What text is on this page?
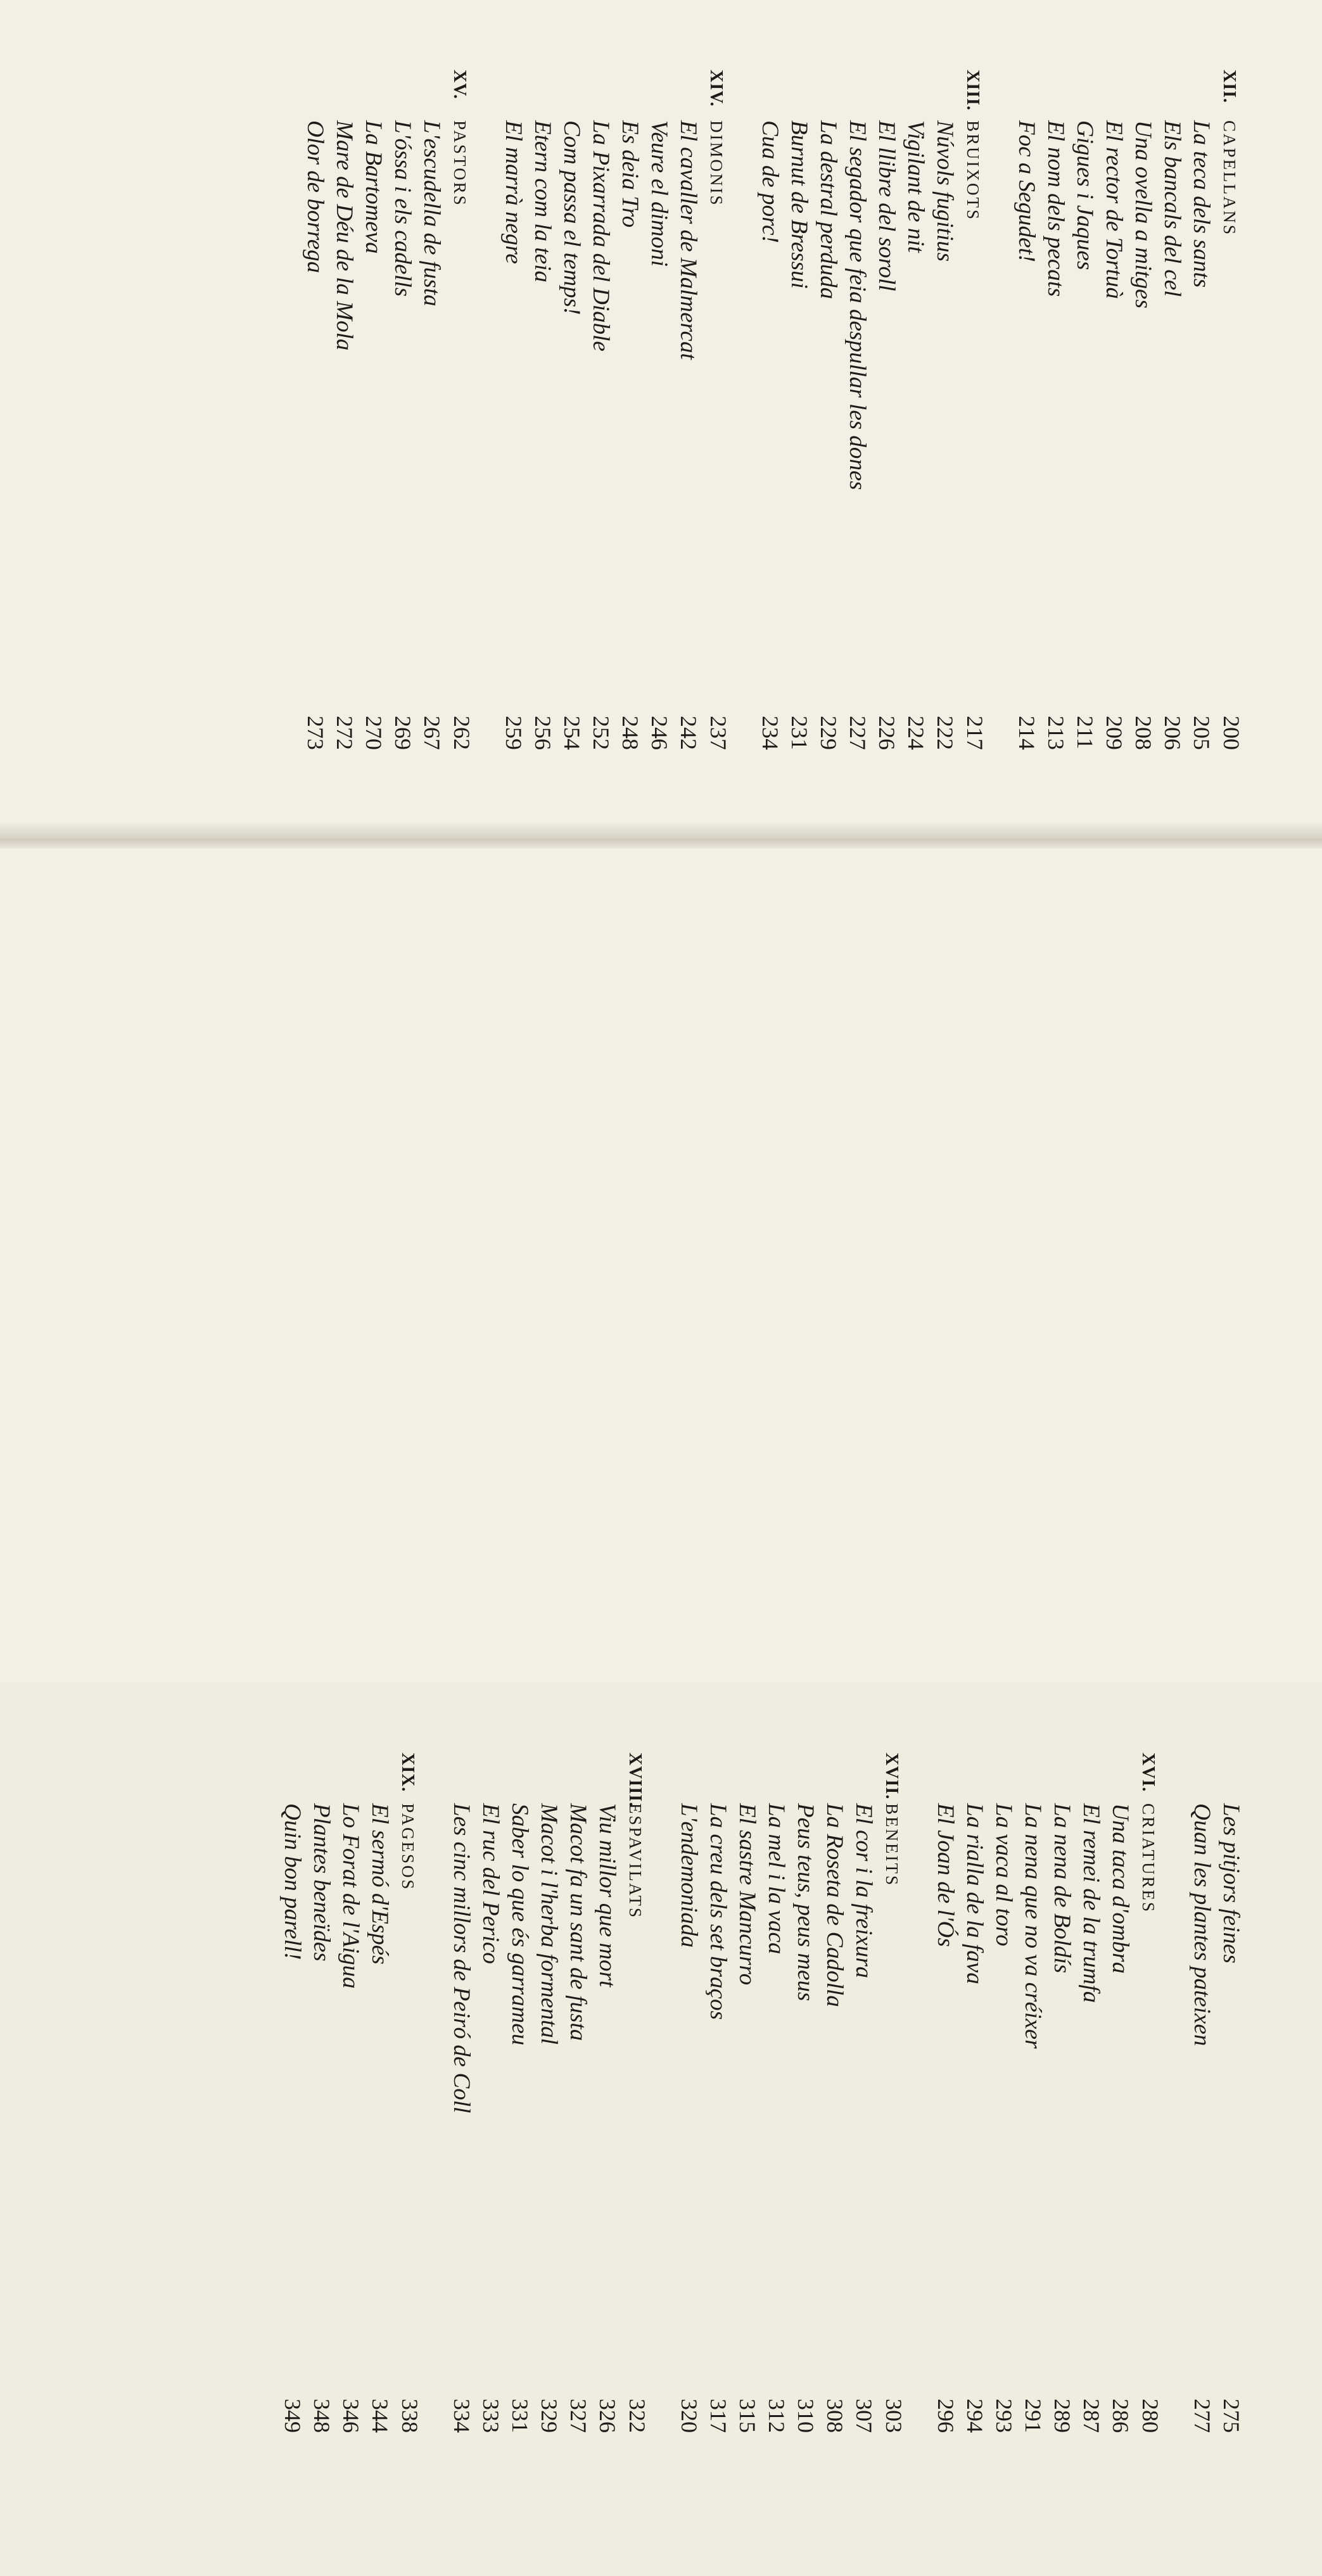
XII.
CAPELLANS
200
La teca dels sants
205
Els bancals del cel
206
Una ovella a mitges
208
El rector de Tortuà
209
Gigues i Jaques
211
El nom dels pecats
213
Foc a Segudet!
214
XIII.
BRUIXOTS
217
Núvols fugitius
222
Vigilant de nit
224
El llibre del soroll
226
El segador que feia despullar les dones
227
La destral perduda
229
Burnut de Bressui
231
Cua de porc!
234
XIV.
DIMONIS
237
El cavaller de Malmercat
242
Veure el dimoni
246
Es deia Tro
248
La Pixarrada del Diable
252
Com passa el temps!
254
Etern com la teia
256
El marrà negre
259
XV.
PASTORS
262
L'escudella de fusta
267
L'óssa i els cadells
269
La Bartomeva
270
Mare de Déu de la Mola
272
Olor de borrega
273
Les pitjors feines
275
Quan les plantes pateixen
277
XVI.
CRIATURES
280
Una taca d'ombra
286
El remei de la trumfa
287
La nena de Boldís
289
La nena que no va créixer
291
La vaca al toro
293
La rialla de la fava
294
El Joan de l'Ós
296
XVII.
BENEITS
303
El cor i la freixura
307
La Roseta de Cadolla
308
Peus teus, peus meus
310
La mel i la vaca
312
El sastre Mancurro
315
La creu dels set braços
317
L'endemoniada
320
XVIII.
ESPAVILATS
322
Viu millor que mort
326
Macot fa un sant de fusta
327
Macot i l'herba formental
329
Saber lo que és garrameu
331
El ruc del Perico
333
Les cinc millors de Peiró de Coll
334
XIX.
PAGESOS
338
El sermó d'Espés
344
Lo Forat de l'Aigua
346
Plantes beneïdes
348
Quin bon parell!
349
